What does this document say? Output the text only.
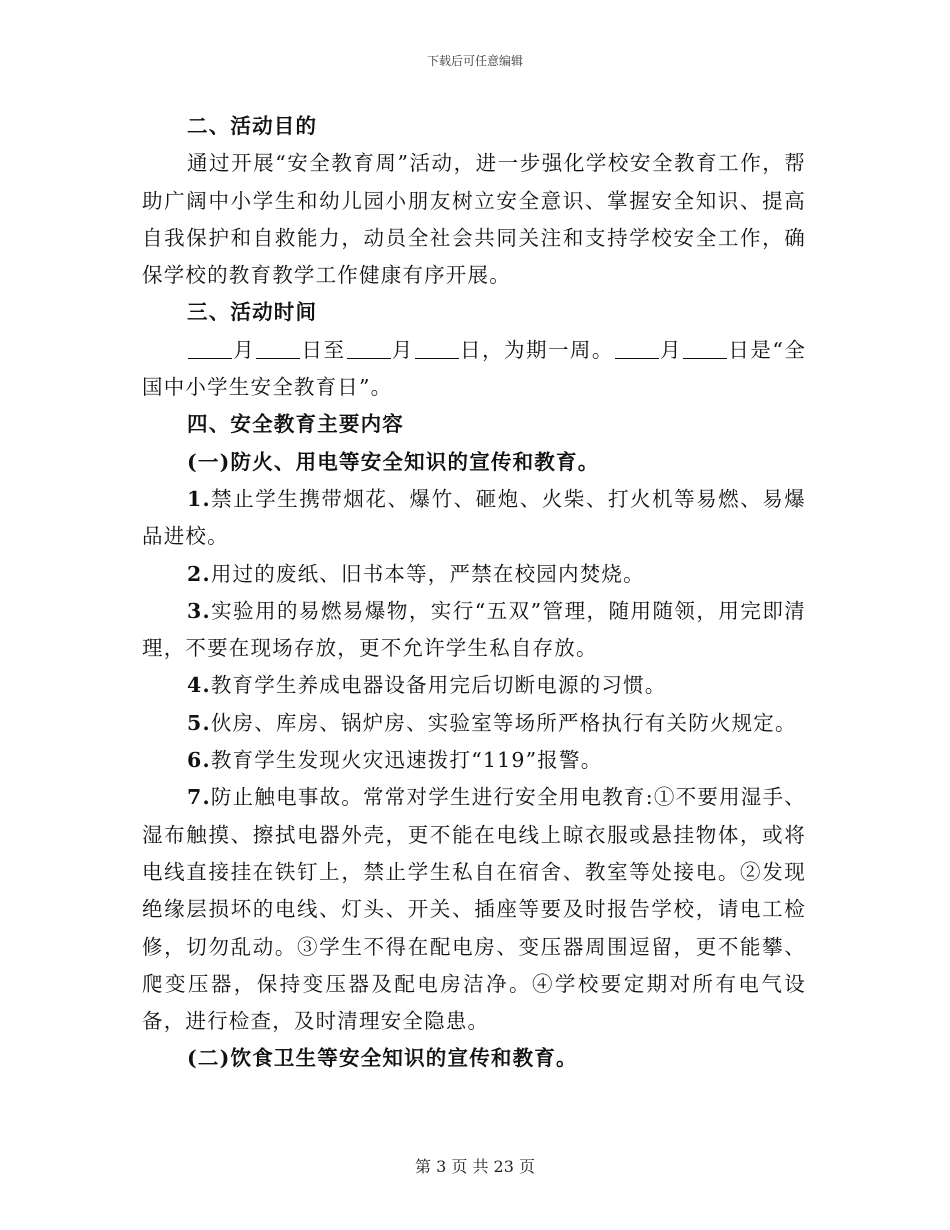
下载后可任意编辑

二、活动目的

通过开展“安全教育周”活动，进一步强化学校安全教育工作，帮助广阔中小学生和幼儿园小朋友树立安全意识、掌握安全知识、提高自我保护和自救能力，动员全社会共同关注和支持学校安全工作，确保学校的教育教学工作健康有序开展。

三、活动时间

月 日至 月 日，为期一周。 月 日是“全国中小学生安全教育日”。

四、安全教育主要内容

(一)防火、用电等安全知识的宣传和教育。

1.禁止学生携带烟花、爆竹、砸炮、火柴、打火机等易燃、易爆品进校。

2.用过的废纸、旧书本等，严禁在校园内焚烧。

3.实验用的易燃易爆物，实行“五双”管理，随用随领，用完即清理，不要在现场存放，更不允许学生私自存放。

4.教育学生养成电器设备用完后切断电源的习惯。

5.伙房、库房、锅炉房、实验室等场所严格执行有关防火规定。

6.教育学生发现火灾迅速拨打“119”报警。

7.防止触电事故。常常对学生进行安全用电教育:①不要用湿手、湿布触摸、擦拭电器外壳，更不能在电线上晾衣服或悬挂物体，或将电线直接挂在铁钉上，禁止学生私自在宿舍、教室等处接电。②发现绝缘层损坏的电线、灯头、开关、插座等要及时报告学校，请电工检修，切勿乱动。③学生不得在配电房、变压器周围逗留，更不能攀、爬变压器，保持变压器及配电房洁净。④学校要定期对所有电气设备，进行检查，及时清理安全隐患。

(二)饮食卫生等安全知识的宣传和教育。

第 3 页 共 23 页
